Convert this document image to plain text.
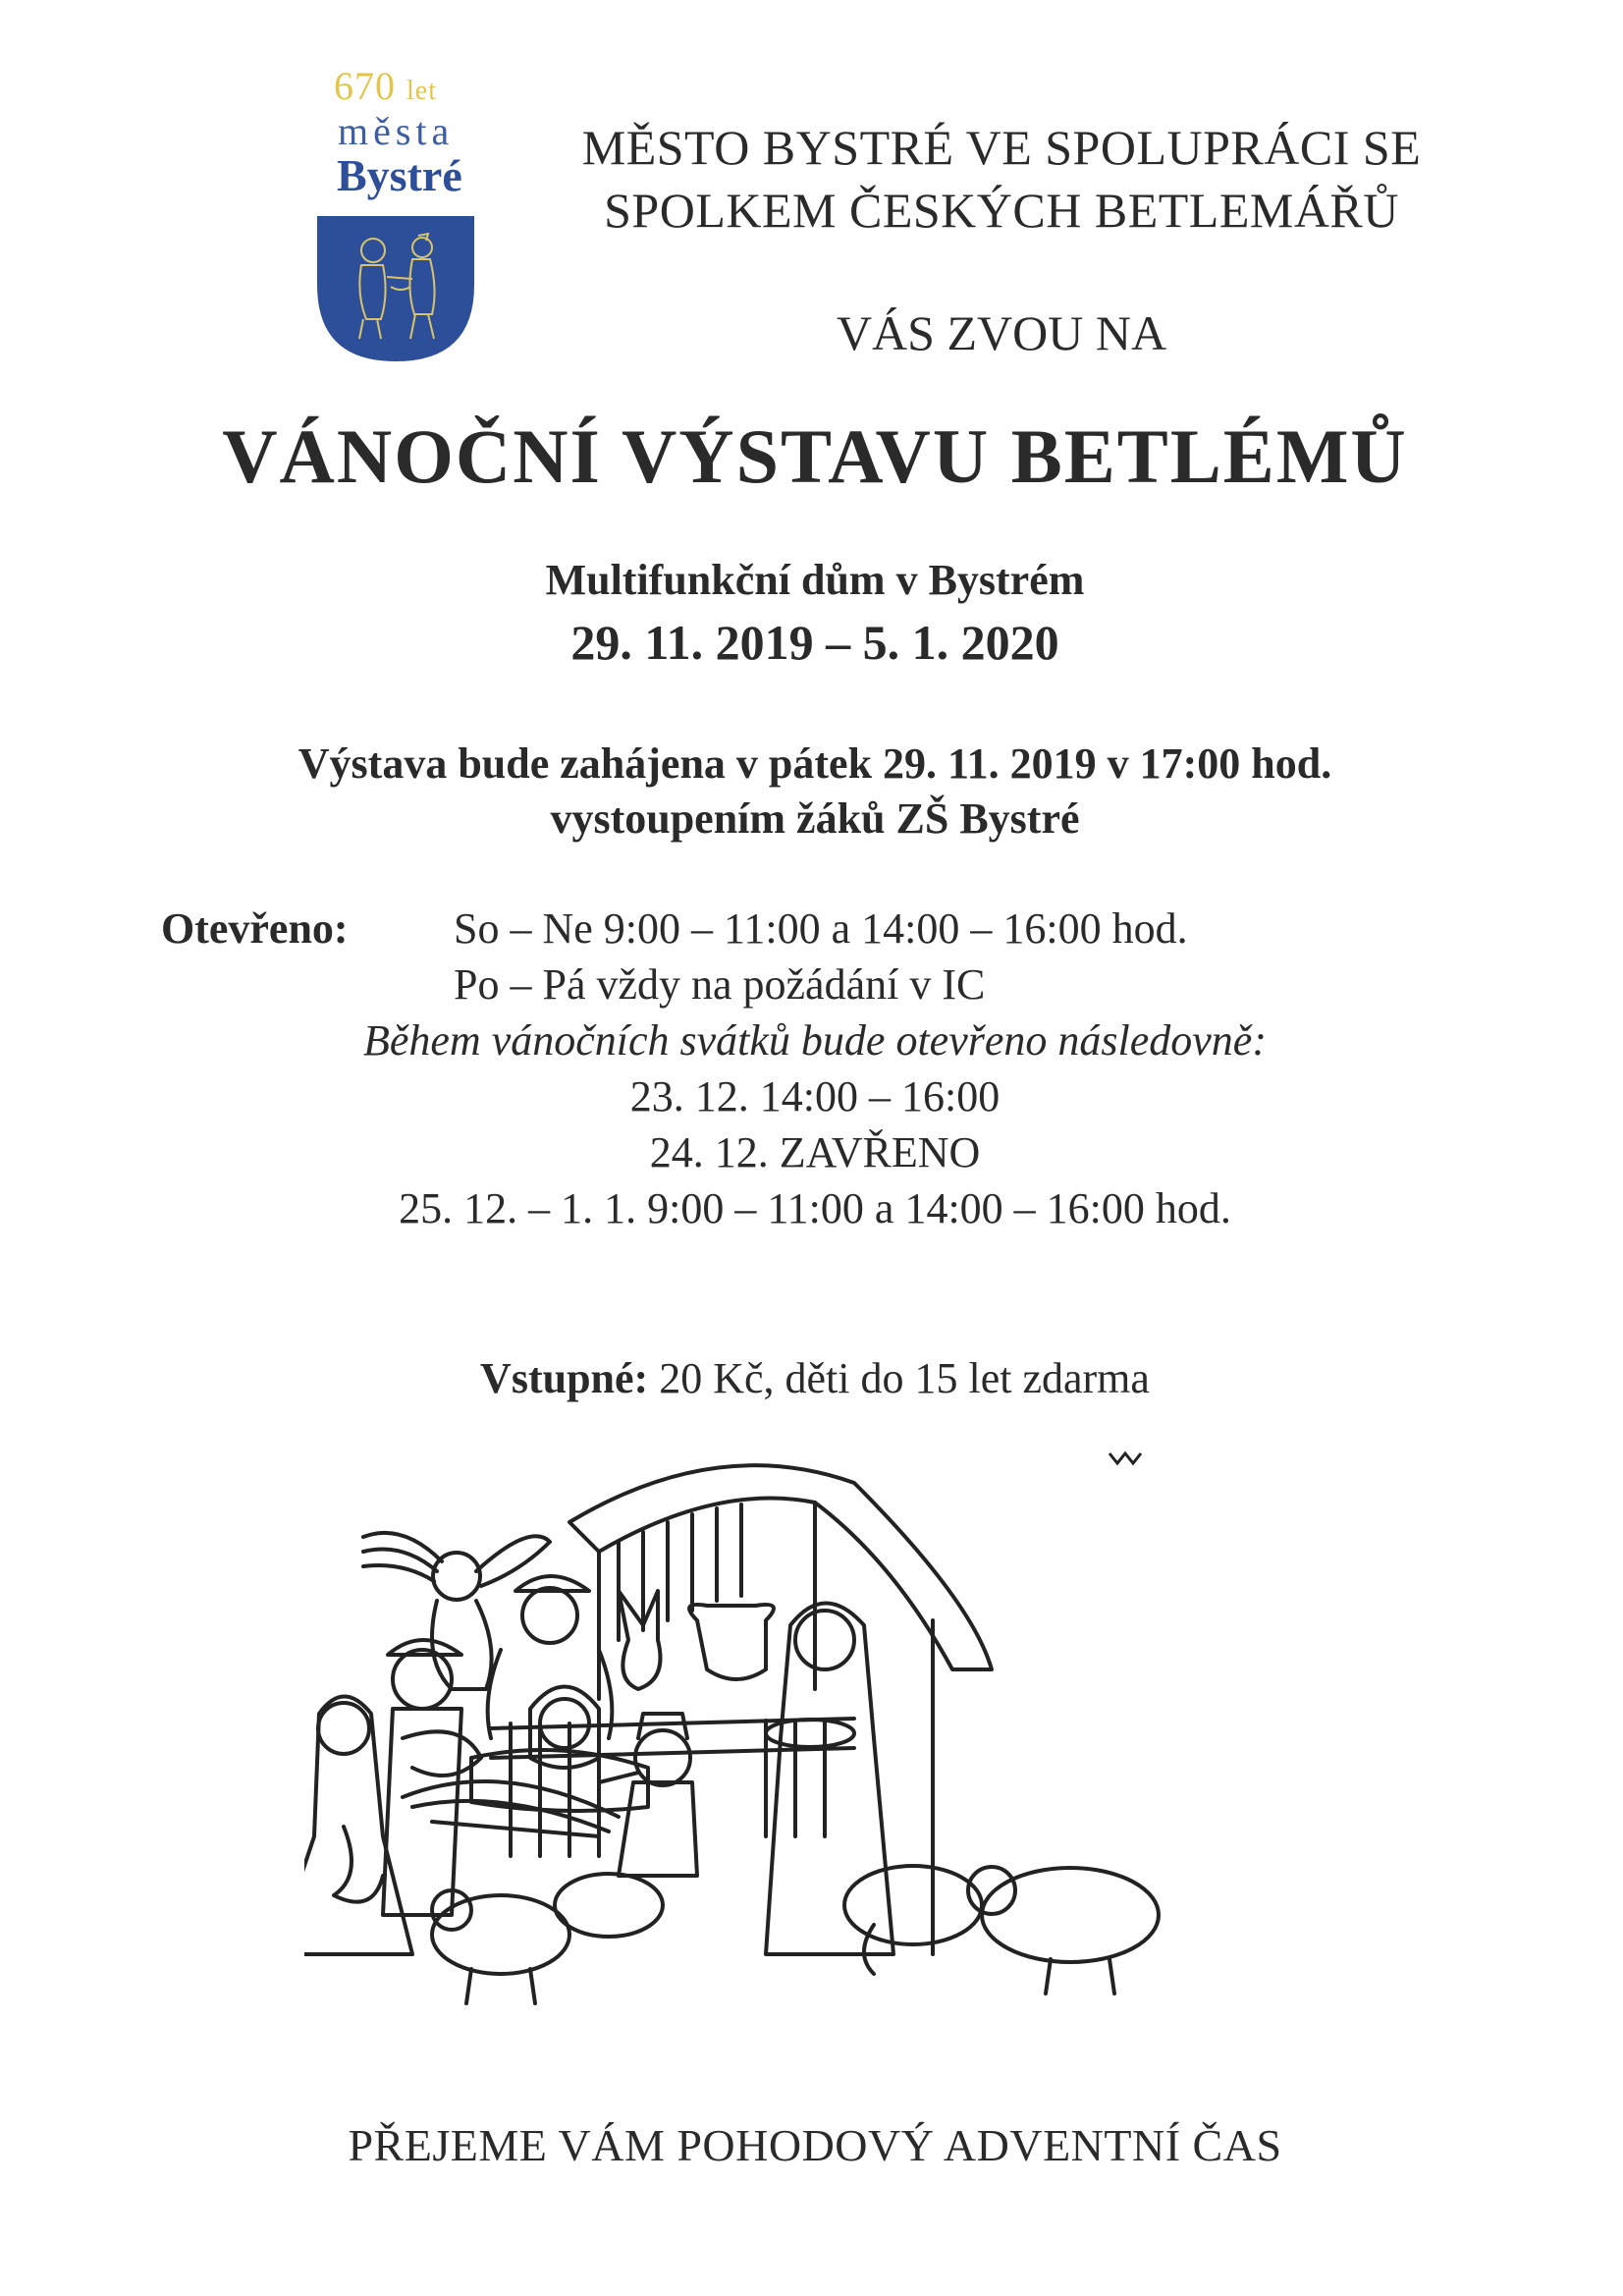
670 let
města
Bystré
MĚSTO BYSTRÉ VE SPOLUPRÁCI SE
SPOLKEM ČESKÝCH BETLEMÁŘŮ
VÁS ZVOU NA
VÁNOČNÍ VÝSTAVU BETLÉMŮ
Multifunkční dům v Bystrém
29. 11. 2019 – 5. 1. 2020
Výstava bude zahájena v pátek 29. 11. 2019 v 17:00 hod.
vystoupením žáků ZŠ Bystré
Otevřeno: So – Ne 9:00 – 11:00 a 14:00 – 16:00 hod.
Po – Pá vždy na požádání v IC
Během vánočních svátků bude otevřeno následovně:
23. 12. 14:00 – 16:00
24. 12. ZAVŘENO
25. 12. – 1. 1. 9:00 – 11:00 a 14:00 – 16:00 hod.
Vstupné: 20 Kč, děti do 15 let zdarma
PŘEJEME VÁM POHODOVÝ ADVENTNÍ ČAS
